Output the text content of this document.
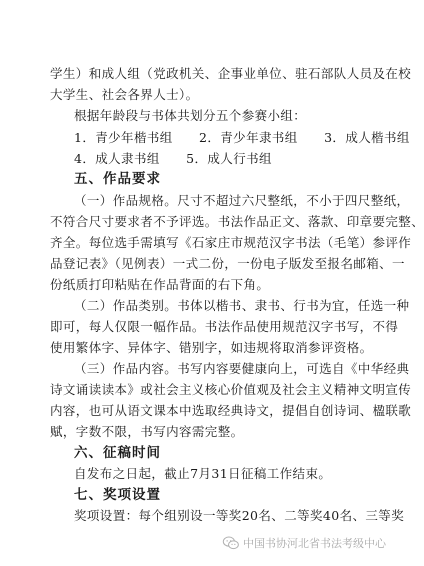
学生）和成人组（党政机关、企事业单位、驻石部队人员及在校
大学生、社会各界人士）。
根据年龄段与书体共划分五个参赛小组：
1．青少年楷书组 2．青少年隶书组 3．成人楷书组
4．成人隶书组 5．成人行书组
五、作品要求
（一）作品规格。尺寸不超过六尺整纸，不小于四尺整纸，
不符合尺寸要求者不予评选。书法作品正文、落款、印章要完整、
齐全。每位选手需填写《石家庄市规范汉字书法（毛笔）参评作
品登记表》（见例表）一式二份，一份电子版发至报名邮箱、一
份纸质打印粘贴在作品背面的右下角。
（二）作品类别。书体以楷书、隶书、行书为宜，任选一种
即可，每人仅限一幅作品。书法作品使用规范汉字书写，不得
使用繁体字、异体字、错别字，如违规将取消参评资格。
（三）作品内容。书写内容要健康向上，可选自《中华经典
诗文诵读读本》或社会主义核心价值观及社会主义精神文明宣传
内容，也可从语文课本中选取经典诗文，提倡自创诗词、楹联歌
赋，字数不限，书写内容需完整。
六、征稿时间
自发布之日起，截止7月31日征稿工作结束。
七、奖项设置
奖项设置：每个组别设一等奖20名、二等奖40名、三等奖
中国书协河北省书法考级中心
